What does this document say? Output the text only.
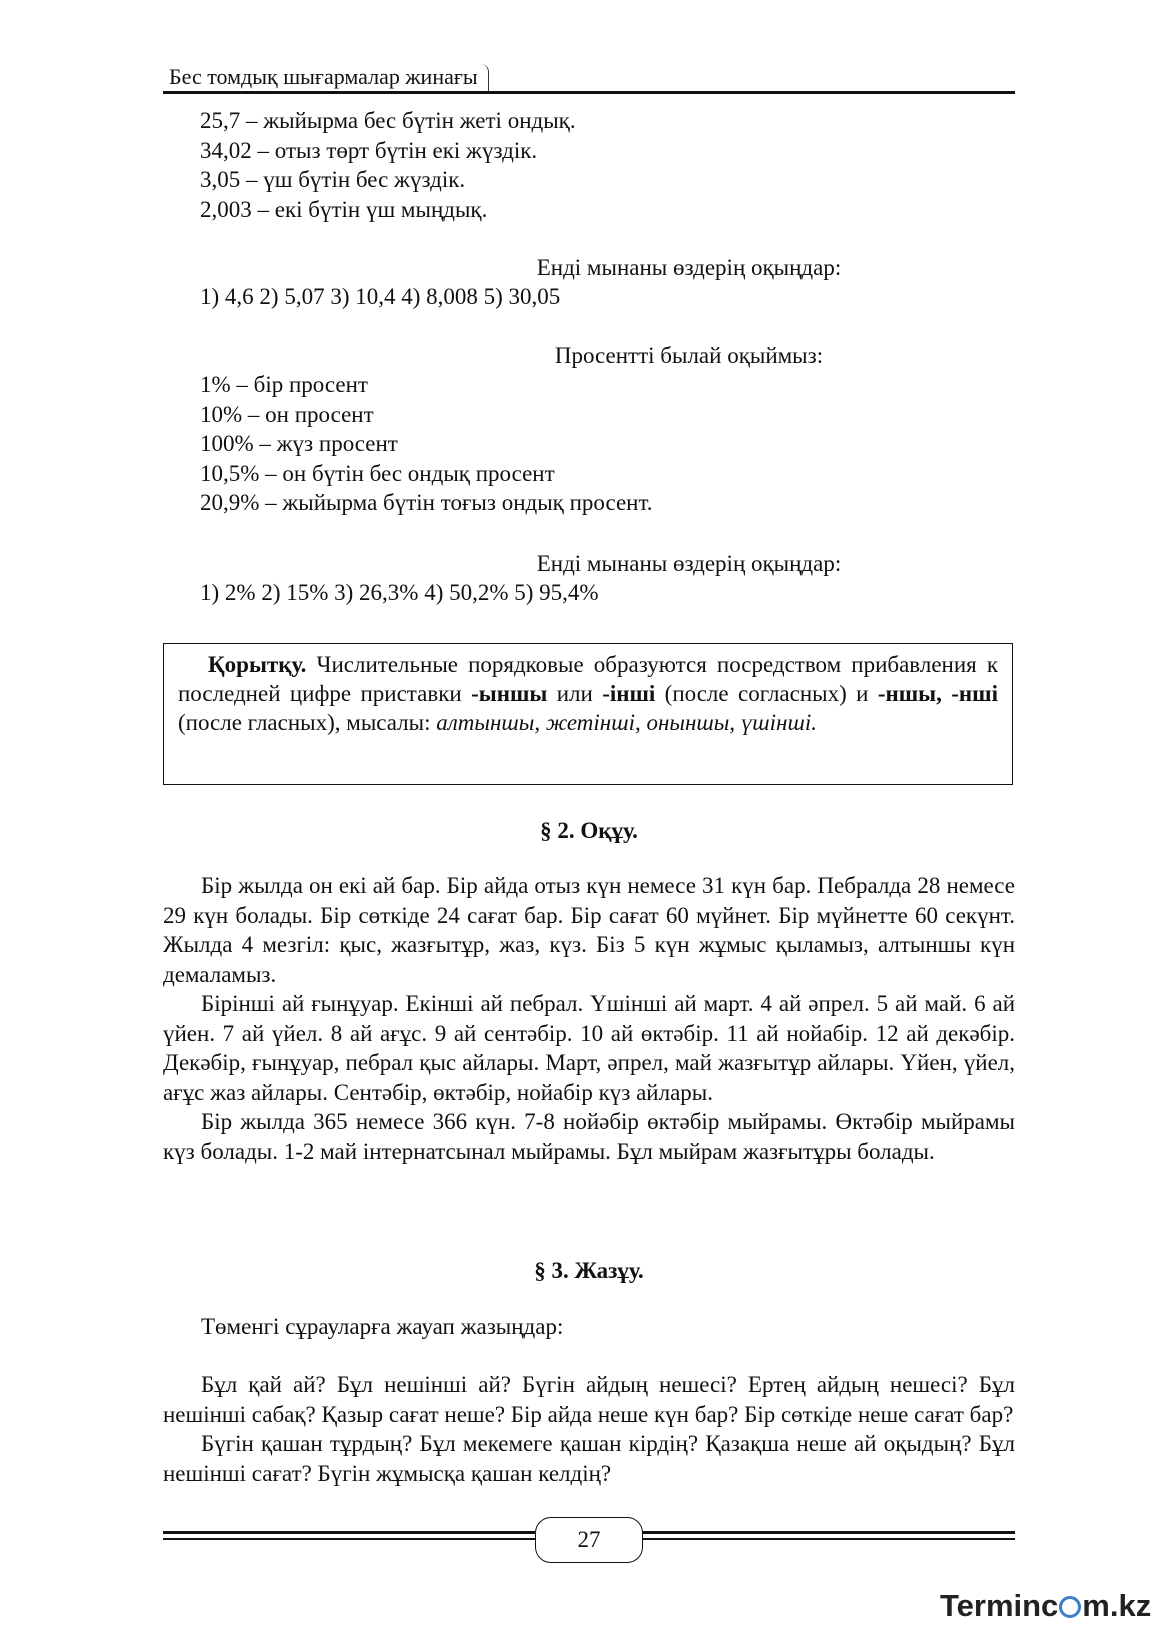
Бес томдық шығармалар жинағы
25,7 – жыйырма бес бүтін жеті ондық.
34,02 – отыз төрт бүтін екі жүздік.
3,05 – үш бүтін бес жүздік.
2,003 – екі бүтін үш мыңдық.
Енді мынаны өздерің оқыңдар:
1) 4,6 2) 5,07 3) 10,4 4) 8,008 5) 30,05
Просентті былай оқыймыз:
1% – бір просент
10% – он просент
100% – жүз просент
10,5% – он бүтін бес ондық просент
20,9% – жыйырма бүтін тоғыз ондық просент.
Енді мынаны өздерің оқыңдар:
1) 2% 2) 15% 3) 26,3% 4) 50,2% 5) 95,4%

Қорытқу. Числительные порядковые образуются посредством прибавления к последней цифре приставки -ыншы или -інші (после согласных) и -ншы, -нші (после гласных), мысалы: алтыншы, жетінші, оныншы, үшінші.

§ 2. Оқұу.

Бір жылда он екі ай бар. Бір айда отыз күн немесе 31 күн бар. Пебралда 28 немесе 29 күн болады. Бір сөткіде 24 сағат бар. Бір сағат 60 мүйнет. Бір мүйнетте 60 секүнт. Жылда 4 мезгіл: қыс, жазғытұр, жаз, күз. Біз 5 күн жұмыс қыламыз, алтыншы күн демаламыз.

Бірінші ай ғынұуар. Екінші ай пебрал. Үшінші ай март. 4 ай әпрел. 5 ай май. 6 ай үйен. 7 ай үйел. 8 ай ағұс. 9 ай сентәбір. 10 ай өктәбір. 11 ай нойабір. 12 ай декәбір. Декәбір, ғынұуар, пебрал қыс айлары. Март, әпрел, май жазғытұр айлары. Үйен, үйел, ағұс жаз айлары. Сентәбір, өктәбір, нойабір күз айлары.

Бір жылда 365 немесе 366 күн. 7-8 нойәбір өктәбір мыйрамы. Өктәбір мыйрамы күз болады. 1-2 май інтернатсынал мыйрамы. Бұл мыйрам жазғытұры болады.

§ 3. Жазұу.
Төменгі сұрауларға жауап жазыңдар:

Бұл қай ай? Бұл нешінші ай? Бүгін айдың нешесі? Ертең айдың нешесі? Бұл нешінші сабақ? Қазыр сағат неше? Бір айда неше күн бар? Бір сөткіде неше сағат бар?

Бүгін қашан тұрдың? Бұл мекемеге қашан кірдің? Қазақша неше ай оқыдың? Бұл нешінші сағат? Бүгін жұмысқа қашан келдің?

27
Terminc m.kz
